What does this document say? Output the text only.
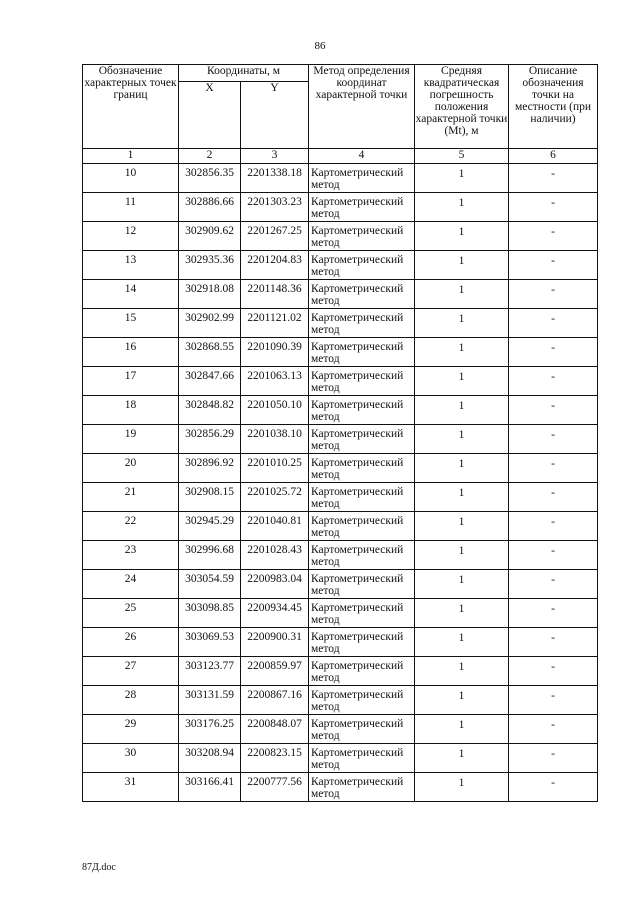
86
Обозначение характерных точек границ	Координаты, м		Метод определения координат характерной точки	Средняя квадратическая погрешность положения характерной точки (Mt), м	Описание обозначения точки на местности (при наличии)
	X	Y			
1	2	3	4	5	6
10	302856.35	2201338.18	Картометрический метод	1	-
11	302886.66	2201303.23	Картометрический метод	1	-
12	302909.62	2201267.25	Картометрический метод	1	-
13	302935.36	2201204.83	Картометрический метод	1	-
14	302918.08	2201148.36	Картометрический метод	1	-
15	302902.99	2201121.02	Картометрический метод	1	-
16	302868.55	2201090.39	Картометрический метод	1	-
17	302847.66	2201063.13	Картометрический метод	1	-
18	302848.82	2201050.10	Картометрический метод	1	-
19	302856.29	2201038.10	Картометрический метод	1	-
20	302896.92	2201010.25	Картометрический метод	1	-
21	302908.15	2201025.72	Картометрический метод	1	-
22	302945.29	2201040.81	Картометрический метод	1	-
23	302996.68	2201028.43	Картометрический метод	1	-
24	303054.59	2200983.04	Картометрический метод	1	-
25	303098.85	2200934.45	Картометрический метод	1	-
26	303069.53	2200900.31	Картометрический метод	1	-
27	303123.77	2200859.97	Картометрический метод	1	-
28	303131.59	2200867.16	Картометрический метод	1	-
29	303176.25	2200848.07	Картометрический метод	1	-
30	303208.94	2200823.15	Картометрический метод	1	-
31	303166.41	2200777.56	Картометрический метод	1	-
87Д.doc
